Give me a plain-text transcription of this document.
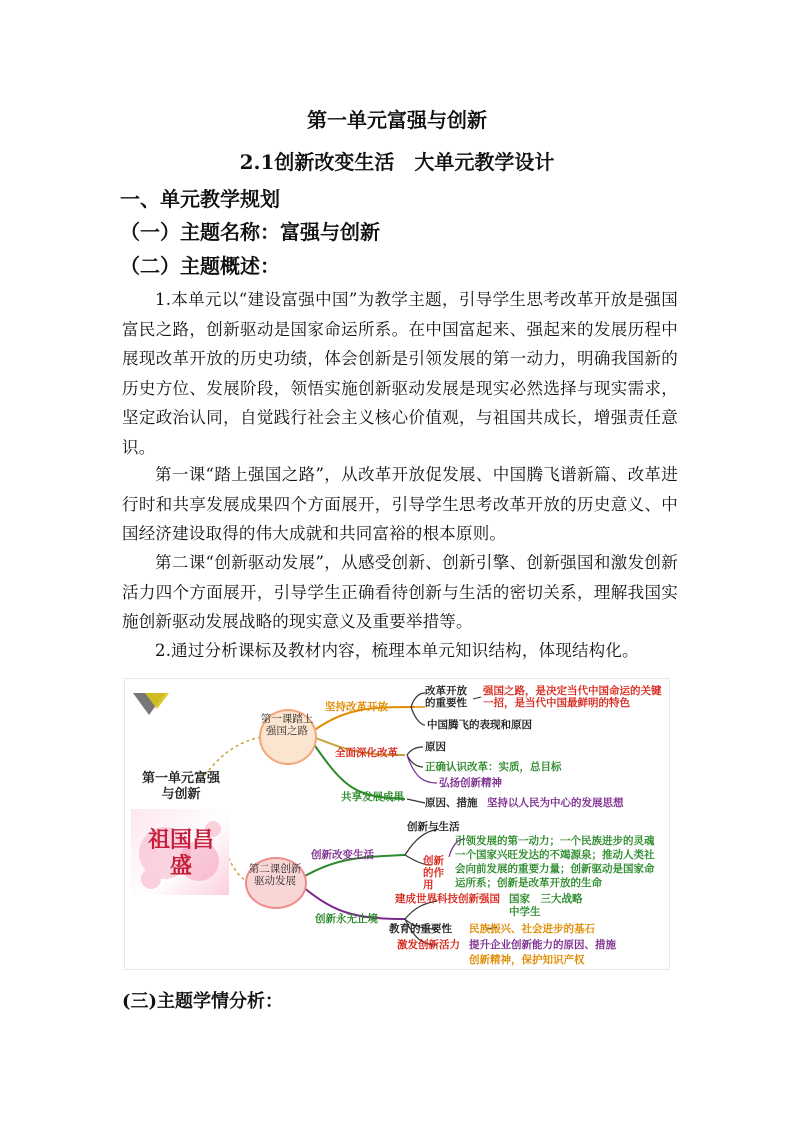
第一单元富强与创新
2.1创新改变生活　大单元教学设计
一、单元教学规划
（一）主题名称：富强与创新
（二）主题概述：
1.本单元以“建设富强中国”为教学主题，引导学生思考改革开放是强国富民之路，创新驱动是国家命运所系。在中国富起来、强起来的发展历程中展现改革开放的历史功绩，体会创新是引领发展的第一动力，明确我国新的历史方位、发展阶段，领悟实施创新驱动发展是现实必然选择与现实需求，坚定政治认同，自觉践行社会主义核心价值观，与祖国共成长，增强责任意识。
第一课“踏上强国之路”，从改革开放促发展、中国腾飞谱新篇、改革进行时和共享发展成果四个方面展开，引导学生思考改革开放的历史意义、中国经济建设取得的伟大成就和共同富裕的根本原则。
第二课“创新驱动发展”，从感受创新、创新引擎、创新强国和激发创新活力四个方面展开，引导学生正确看待创新与生活的密切关系，理解我国实施创新驱动发展战略的现实意义及重要举措等。
2.通过分析课标及教材内容，梳理本单元知识结构，体现结构化。
第一单元富强与创新
祖国昌盛
第一课踏上强国之路
第二课创新驱动发展
坚持改革开放
改革开放的重要性
强国之路，是决定当代中国命运的关键一招，是当代中国最鲜明的特色
中国腾飞的表现和原因
全面深化改革	原因
正确认识改革：实质，总目标
弘扬创新精神
共享发展成果 原因、措施 坚持以人民为中心的发展思想
创新改变生活
创新与生活
创新的作用
引领发展的第一动力；一个民族进步的灵魂
一个国家兴旺发达的不竭源泉；推动人类社
会向前发展的重要力量；创新驱动是国家命
运所系；创新是改革开放的生命
创新永无止境
建成世界科技创新强国 国家　三大战略
中学生
教育的重要性 民族振兴、社会进步的基石
激发创新活力 提升企业创新能力的原因、措施
创新精神，保护知识产权
(三)主题学情分析：
